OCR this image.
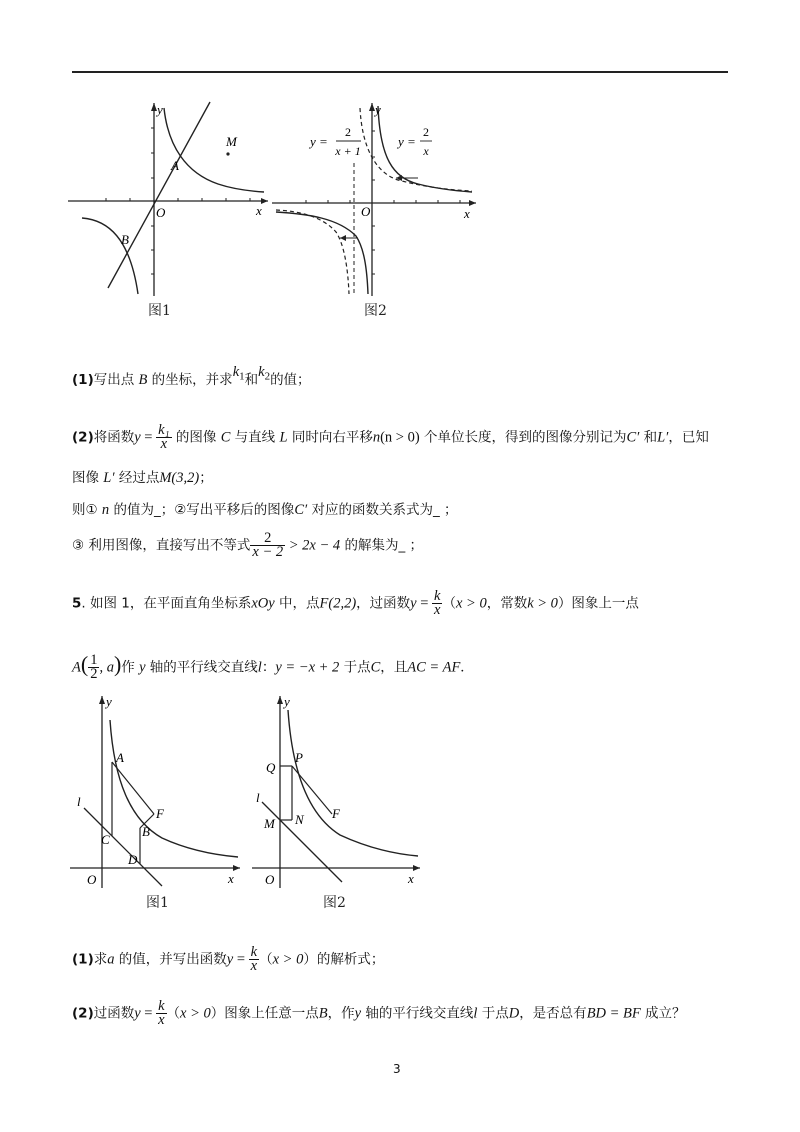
y
x
O
A
M
B
图1
y
x
O
y =
2
x + 1
y =
2
x
图2
(1)写出点 B 的坐标，并求$k_1$和$k_2$的值；
(2)将函数$y = \frac{\text{k₁}}{x}$ 的图像 C 与直线 L 同时向右平移n(n > 0) 个单位长度，得到的图像分别记为C′ 和L′，已知
图像 L′ 经过点M(3,2)；
则① n 的值为_；②写出平移后的图像C′ 对应的函数关系式为_ ；
③ 利用图像，直接写出不等式 $\frac{2}{x - 2} > 2x - 4$ 的解集为_ ；
5. 如图 1，在平面直角坐标系xOy 中，点F(2,2)，过函数$y = \frac{k}{x} (x > 0$，常数k > 0）图象上一点
$A( \frac{1}{2}$ , a)作 y 轴的平行线交直线l：y = −x + 2 于点C，且AC = AF．
y
x
O
A
F
B
C
D
l
图1
y
x
O
Q
P
F
M N
l
图2
(1)求a 的值，并写出函数$y = \frac{k}{x} (x > 0)$的解析式；
(2)过函数$y = \frac{k}{x} (x > 0)$图象上任意一点B，作y 轴的平行线交直线l 于点D，是否总有BD = BF 成立？
3
